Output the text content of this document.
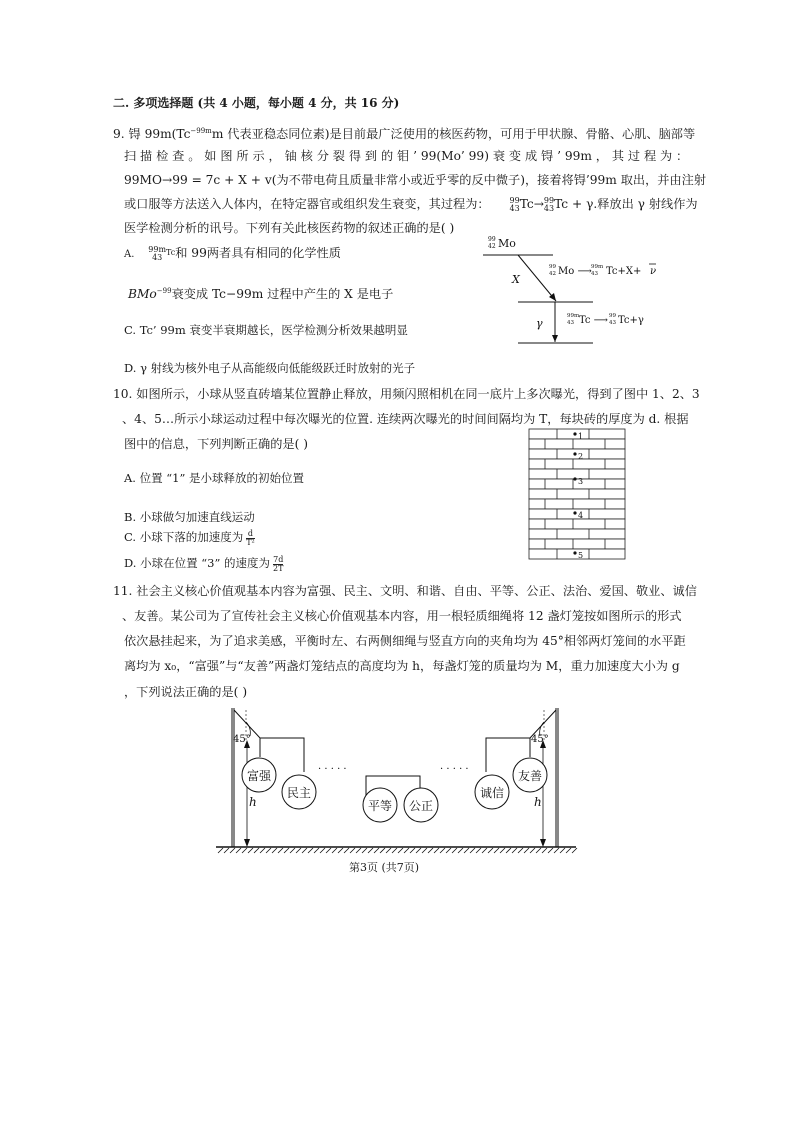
二. 多项选择题 (共 4 小题，每小题 4 分，共 16 分)
9. 锝 $99m(Tc^{-99m}m$ 代表亚稳态同位素)是目前最广泛使用的核医药物，可用于甲状腺、骨骼、心肌、脑部等
扫 描 检 查 。 如 图 所 示 ， 铀 核 分 裂 得 到 的 钼 ’ 99(Mo’ 99) 衰 变 成 锝 ’ 99m ， 其 过 程 为 ：
99MO→99 = 7c + X + v(为不带电荷且质量非常小或近乎零的反中微子)，接着将锝’99m 取出，并由注射
或口服等方法送入人体内，在特定器官或组织发生衰变，其过程为： 99
43 Tc→ 99
43 Tc + γ.释放出 γ 射线作为
医学检测分析的讯号。下列有关此核医药物的叙述正确的是( )
A. 99m
43 Tc和 99两者具有相同的化学性质
BMo$^{-99}$衰变成 Tc−99m 过程中产生的 X 是电子
C. Tc’ 99m 衰变半衰期越长，医学检测分析效果越明显
D. γ 射线为核外电子从高能级向低能级跃迁时放射的光子
99
42 Mo
X
99
42 Mo ⟶ 99m
43 Tc+X+ ν
γ
99m
43 Tc ⟶ 99
43 Tc+γ
10. 如图所示，小球从竖直砖墙某位置静止释放，用频闪照相机在同一底片上多次曝光，得到了图中 1、2、3
、4、5…所示小球运动过程中每次曝光的位置. 连续两次曝光的时间间隔均为 T，每块砖的厚度为 d. 根据
图中的信息，下列判断正确的是( )
A. 位置 “1” 是小球释放的初始位置
B. 小球做匀加速直线运动
C. 小球下落的加速度为 $\frac{d}{\text{T²}}$
D. 小球在位置 “3” 的速度为 $\frac{7d}{2T}$
1
2
3
4
5
11. 社会主义核心价值观基本内容为富强、民主、文明、和谐、自由、平等、公正、法治、爱国、敬业、诚信
、友善。某公司为了宣传社会主义核心价值观基本内容，用一根轻质细绳将 12 盏灯笼按如图所示的形式
依次悬挂起来，为了追求美感，平衡时左、右两侧细绳与竖直方向的夹角均为 45°相邻两灯笼间的水平距
离均为 x₀，“富强”与“友善”两盏灯笼结点的高度均为 h，每盏灯笼的质量均为 M，重力加速度大小为 g
，下列说法正确的是( )
h	h
45°	45°
· · · · ·	· · · · ·
富强
民主
平等 公正
诚信
友善
第3页 (共7页)
